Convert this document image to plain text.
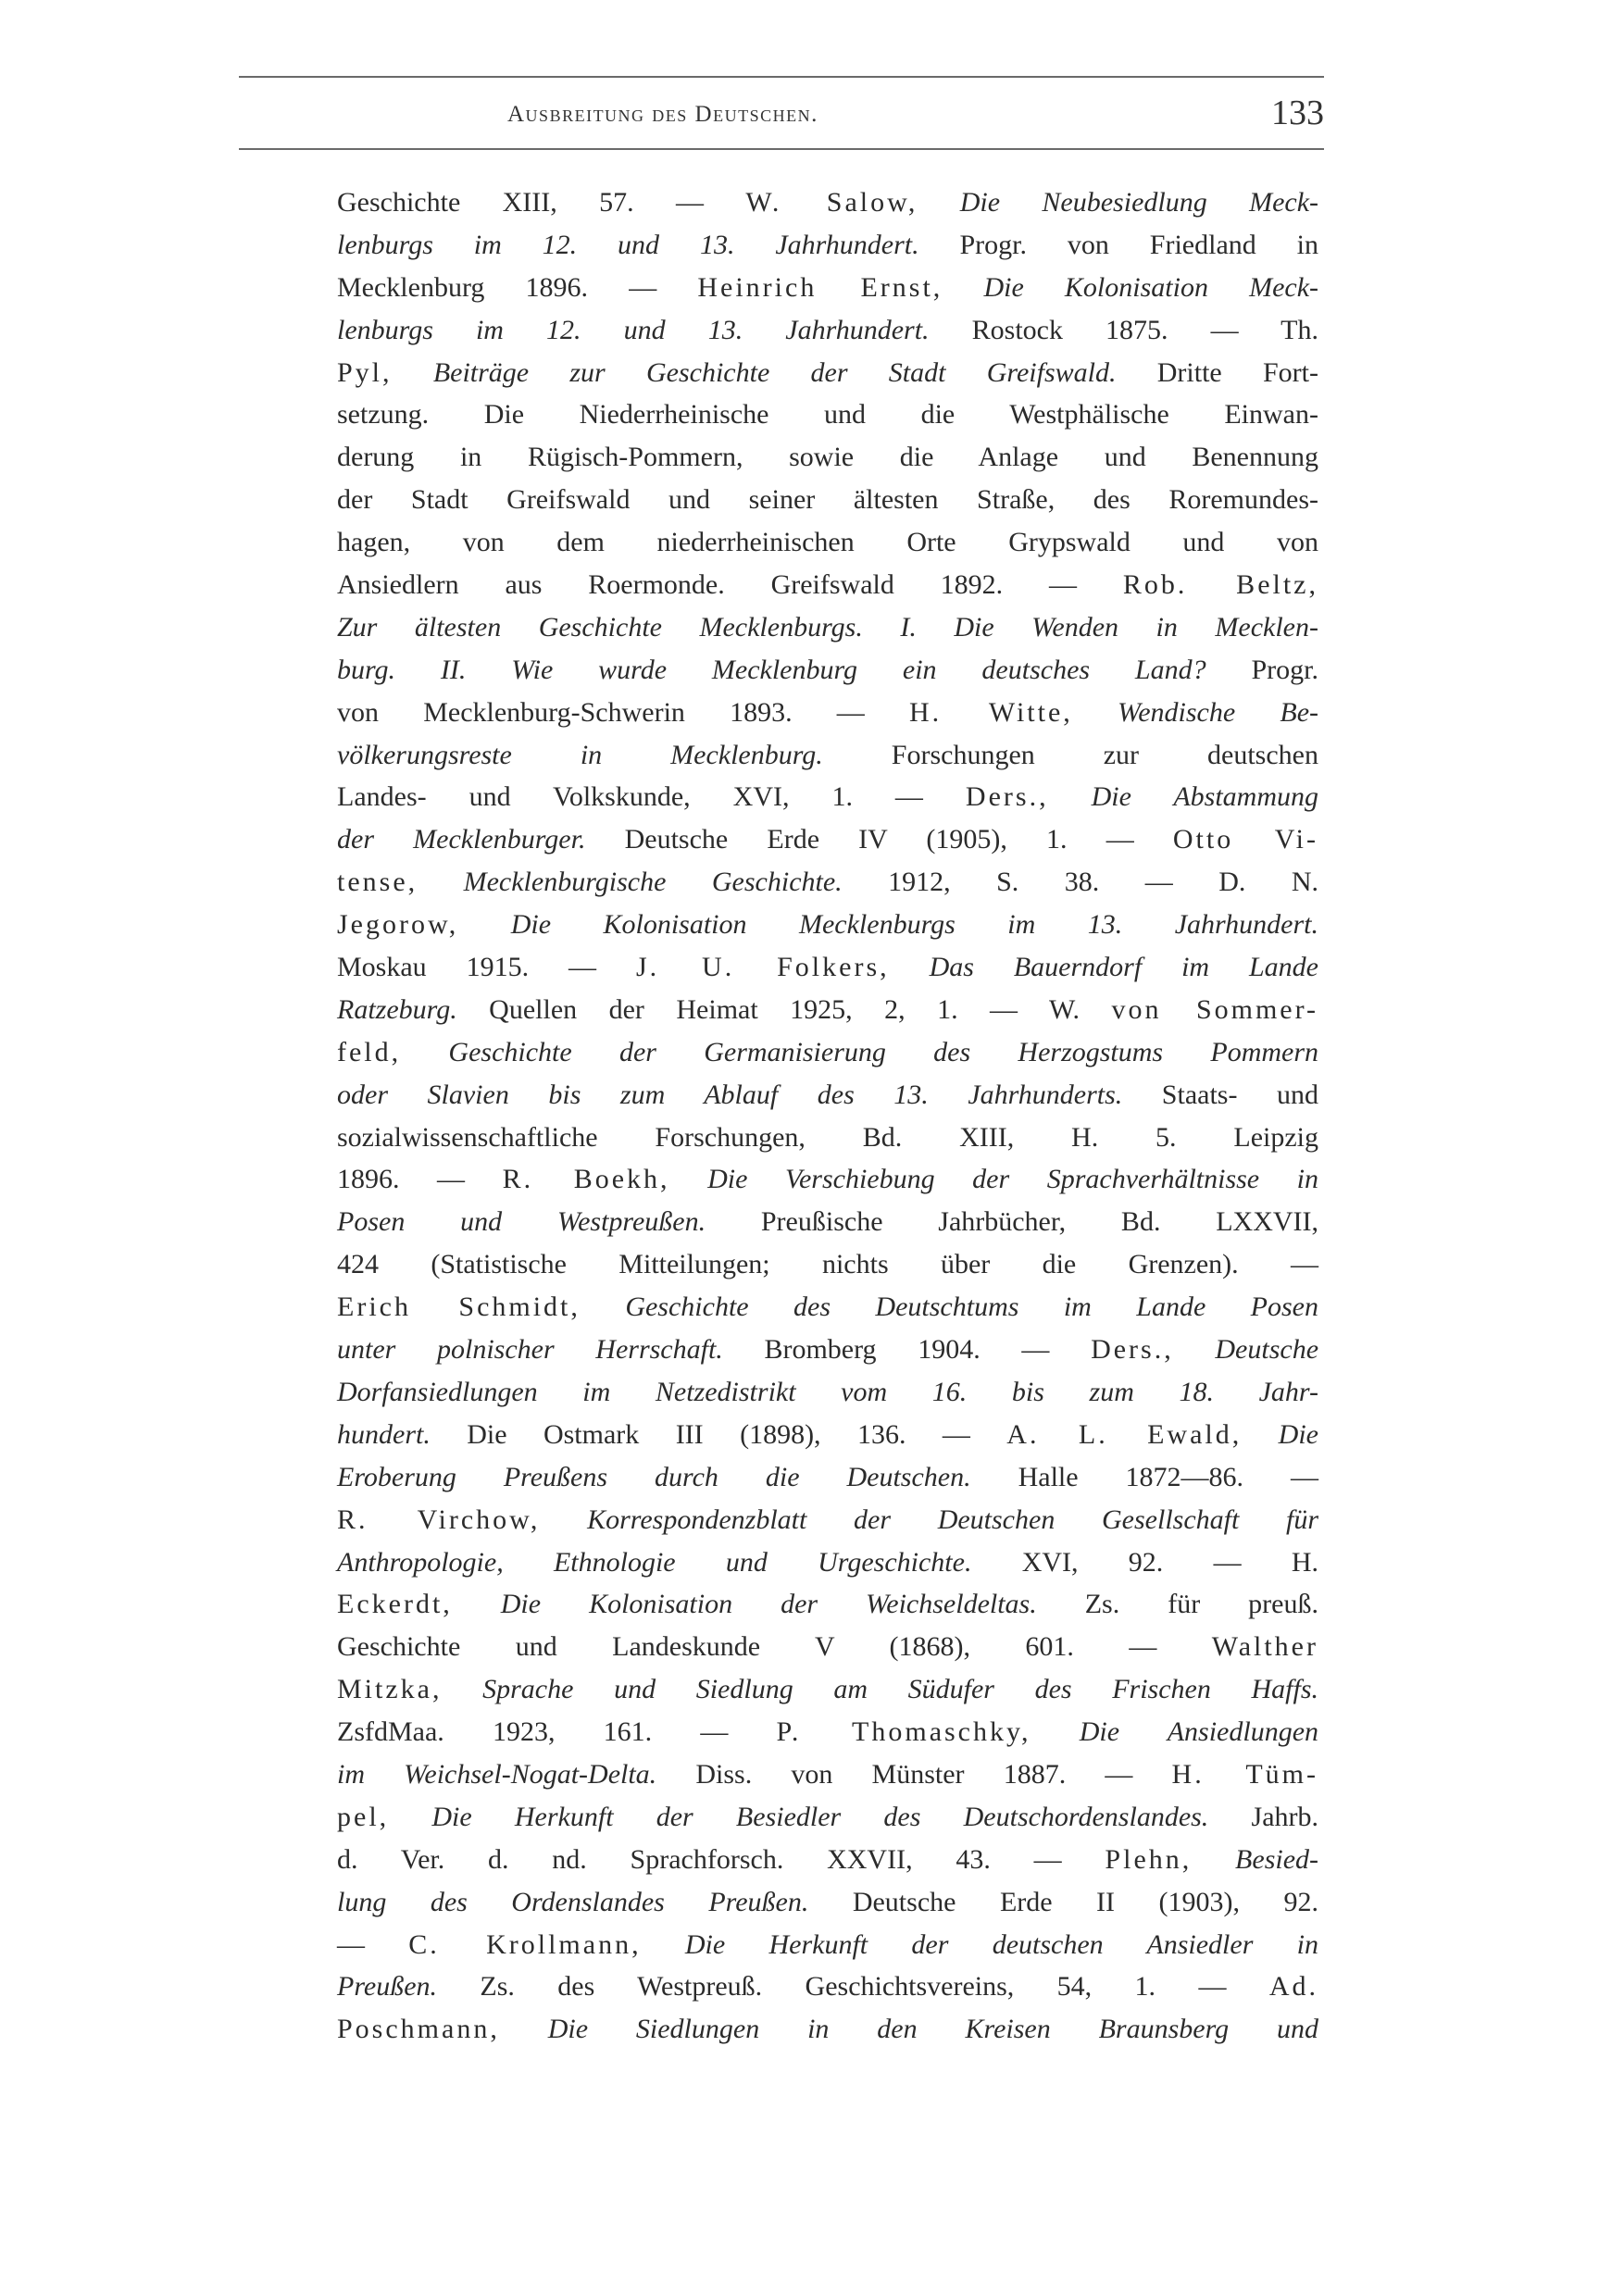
Ausbreitung des Deutschen.	133
Geschichte XIII, 57. — W. Salow, Die Neubesiedlung Meck-
lenburgs im 12. und 13. Jahrhundert. Progr. von Friedland in
Mecklenburg 1896. — Heinrich Ernst, Die Kolonisation Meck-
lenburgs im 12. und 13. Jahrhundert. Rostock 1875. — Th.
Pyl, Beiträge zur Geschichte der Stadt Greifswald. Dritte Fort-
setzung. Die Niederrheinische und die Westphälische Einwan-
derung in Rügisch-Pommern, sowie die Anlage und Benennung
der Stadt Greifswald und seiner ältesten Straße, des Roremundes-
hagen, von dem niederrheinischen Orte Grypswald und von
Ansiedlern aus Roermonde. Greifswald 1892. — Rob. Beltz,
Zur ältesten Geschichte Mecklenburgs. I. Die Wenden in Mecklen-
burg. II. Wie wurde Mecklenburg ein deutsches Land? Progr.
von Mecklenburg-Schwerin 1893. — H. Witte, Wendische Be-
völkerungsreste in Mecklenburg. Forschungen zur deutschen
Landes- und Volkskunde, XVI, 1. — Ders., Die Abstammung
der Mecklenburger. Deutsche Erde IV (1905), 1. — Otto Vi-
tense, Mecklenburgische Geschichte. 1912, S. 38. — D. N.
Jegorow, Die Kolonisation Mecklenburgs im 13. Jahrhundert.
Moskau 1915. — J. U. Folkers, Das Bauerndorf im Lande
Ratzeburg. Quellen der Heimat 1925, 2, 1. — W. von Sommer-
feld, Geschichte der Germanisierung des Herzogstums Pommern
oder Slavien bis zum Ablauf des 13. Jahrhunderts. Staats- und
sozialwissenschaftliche Forschungen, Bd. XIII, H. 5. Leipzig
1896. — R. Boekh, Die Verschiebung der Sprachverhältnisse in
Posen und Westpreußen. Preußische Jahrbücher, Bd. LXXVII,
424 (Statistische Mitteilungen; nichts über die Grenzen). —
Erich Schmidt, Geschichte des Deutschtums im Lande Posen
unter polnischer Herrschaft. Bromberg 1904. — Ders., Deutsche
Dorfansiedlungen im Netzedistrikt vom 16. bis zum 18. Jahr-
hundert. Die Ostmark III (1898), 136. — A. L. Ewald, Die
Eroberung Preußens durch die Deutschen. Halle 1872—86. —
R. Virchow, Korrespondenzblatt der Deutschen Gesellschaft für
Anthropologie, Ethnologie und Urgeschichte. XVI, 92. — H.
Eckerdt, Die Kolonisation der Weichseldeltas. Zs. für preuß.
Geschichte und Landeskunde V (1868), 601. — Walther
Mitzka, Sprache und Siedlung am Südufer des Frischen Haffs.
ZsfdMaa. 1923, 161. — P. Thomaschky, Die Ansiedlungen
im Weichsel-Nogat-Delta. Diss. von Münster 1887. — H. Tüm-
pel, Die Herkunft der Besiedler des Deutschordenslandes. Jahrb.
d. Ver. d. nd. Sprachforsch. XXVII, 43. — Plehn, Besied-
lung des Ordenslandes Preußen. Deutsche Erde II (1903), 92.
— C. Krollmann, Die Herkunft der deutschen Ansiedler in
Preußen. Zs. des Westpreuß. Geschichtsvereins, 54, 1. — Ad.
Poschmann, Die Siedlungen in den Kreisen Braunsberg und
